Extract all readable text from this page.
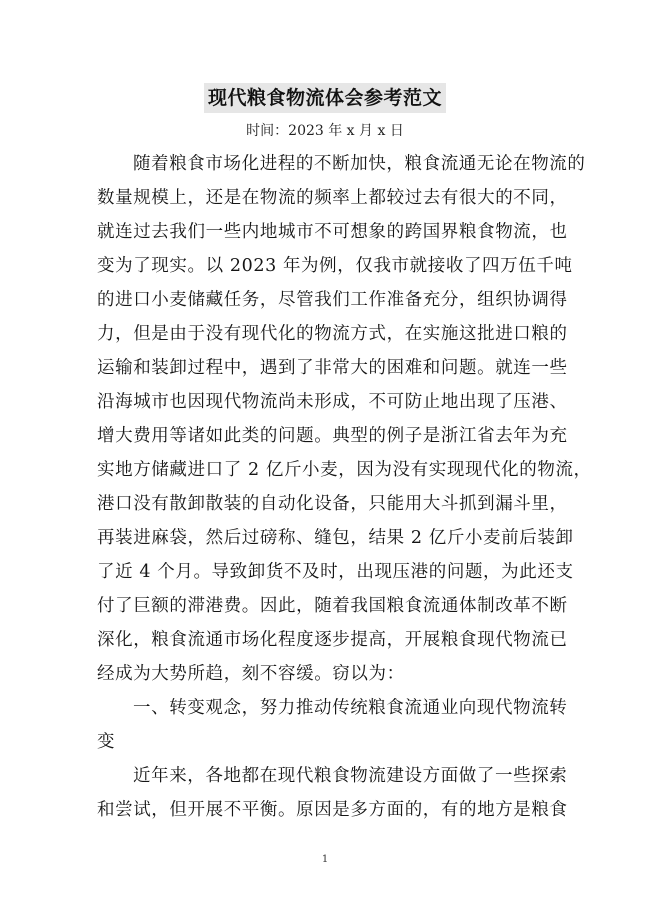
现代粮食物流体会参考范文
时间：2023 年 x 月 x 日
随着粮食市场化进程的不断加快，粮食流通无论在物流的
数量规模上，还是在物流的频率上都较过去有很大的不同，
就连过去我们一些内地城市不可想象的跨国界粮食物流，也
变为了现实。以 2023 年为例，仅我市就接收了四万伍千吨
的进口小麦储藏任务，尽管我们工作准备充分，组织协调得
力，但是由于没有现代化的物流方式，在实施这批进口粮的
运输和装卸过程中，遇到了非常大的困难和问题。就连一些
沿海城市也因现代物流尚未形成，不可防止地出现了压港、
增大费用等诸如此类的问题。典型的例子是浙江省去年为充
实地方储藏进口了 2 亿斤小麦，因为没有实现现代化的物流，
港口没有散卸散装的自动化设备，只能用大斗抓到漏斗里，
再装进麻袋，然后过磅称、缝包，结果 2 亿斤小麦前后装卸
了近 4 个月。导致卸货不及时，出现压港的问题，为此还支
付了巨额的滞港费。因此，随着我国粮食流通体制改革不断
深化，粮食流通市场化程度逐步提高，开展粮食现代物流已
经成为大势所趋，刻不容缓。窃以为：
一、转变观念，努力推动传统粮食流通业向现代物流转
变
近年来，各地都在现代粮食物流建设方面做了一些探索
和尝试，但开展不平衡。原因是多方面的，有的地方是粮食
1
